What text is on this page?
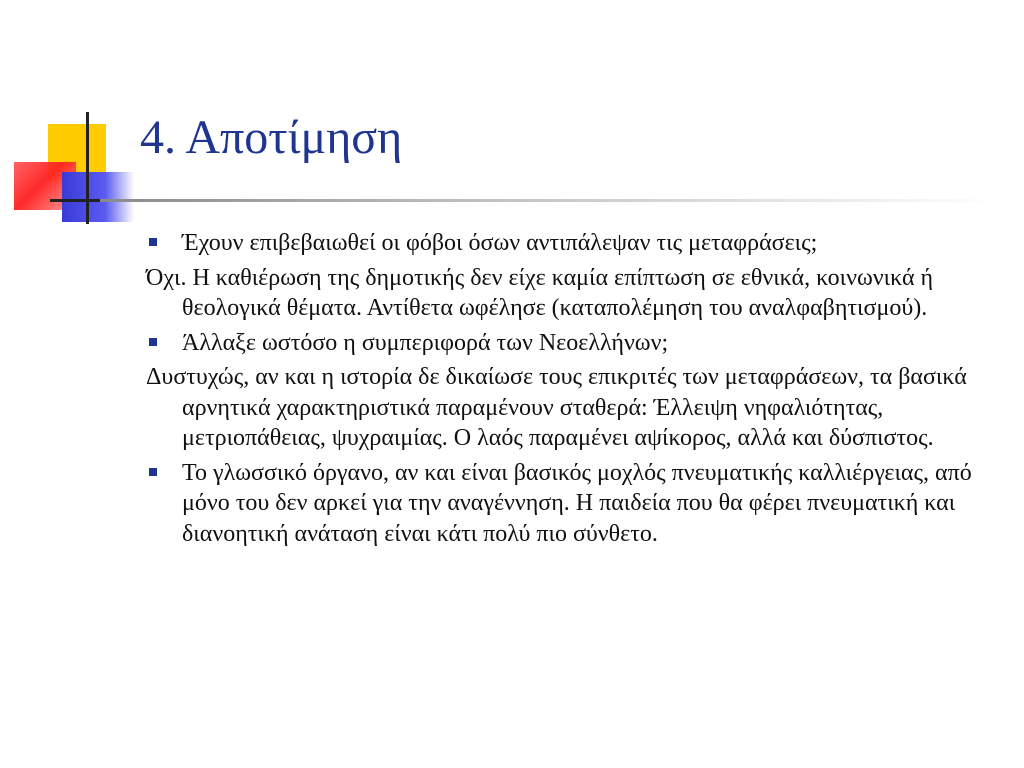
4. Αποτίμηση

Έχουν επιβεβαιωθεί οι φόβοι όσων αντιπάλεψαν τις μεταφράσεις;

Όχι. Η καθιέρωση της δημοτικής δεν είχε καμία επίπτωση σε εθνικά, κοινωνικά ή θεολογικά θέματα. Αντίθετα ωφέλησε (καταπολέμηση του αναλφαβητισμού).

Άλλαξε ωστόσο η συμπεριφορά των Νεοελλήνων;

Δυστυχώς, αν και η ιστορία δε δικαίωσε τους επικριτές των μεταφράσεων, τα βασικά αρνητικά χαρακτηριστικά παραμένουν σταθερά: Έλλειψη νηφαλιότητας, μετριοπάθειας, ψυχραιμίας. Ο λαός παραμένει αψίκορος, αλλά και δύσπιστος.

Το γλωσσικό όργανο, αν και είναι βασικός μοχλός πνευματικής καλλιέργειας, από μόνο του δεν αρκεί για την αναγέννηση. Η παιδεία που θα φέρει πνευματική και διανοητική ανάταση είναι κάτι πολύ πιο σύνθετο.
